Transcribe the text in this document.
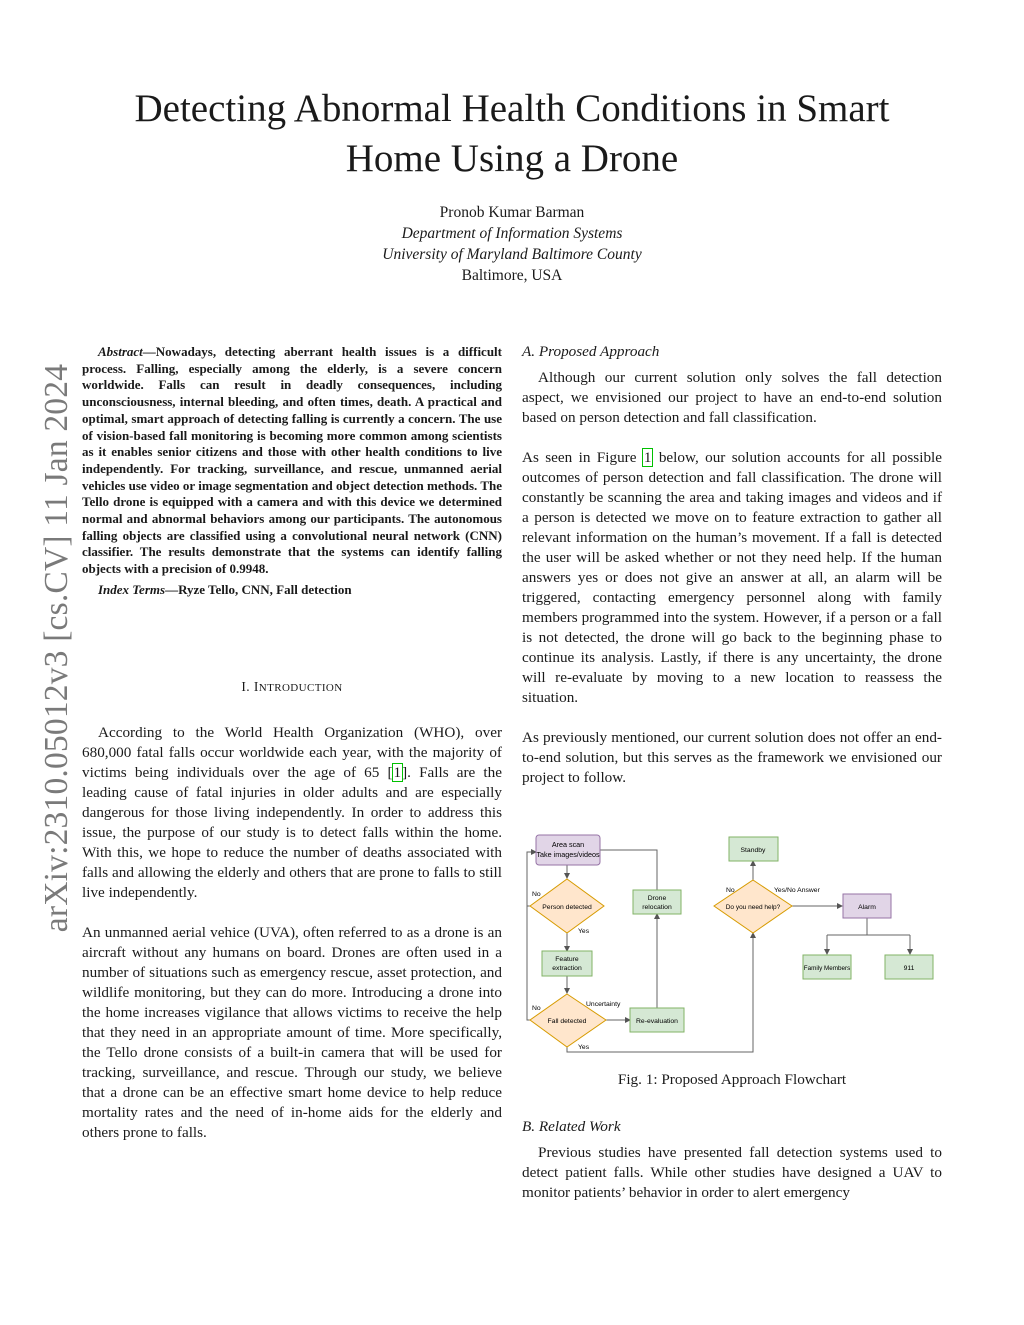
Detecting Abnormal Health Conditions in Smart
Home Using a Drone
Pronob Kumar Barman
Department of Information Systems
University of Maryland Baltimore County
Baltimore, USA
arXiv:2310.05012v3 [cs.CV] 11 Jan 2024

Abstract—Nowadays, detecting aberrant health issues is a difficult process. Falling, especially among the elderly, is a severe concern worldwide. Falls can result in deadly consequences, including unconsciousness, internal bleeding, and often times, death. A practical and optimal, smart approach of detecting falling is currently a concern. The use of vision-based fall monitoring is becoming more common among scientists as it enables senior citizens and those with other health conditions to live independently. For tracking, surveillance, and rescue, unmanned aerial vehicles use video or image segmentation and object detection methods. The Tello drone is equipped with a camera and with this device we determined normal and abnormal behaviors among our participants. The autonomous falling objects are classified using a convolutional neural network (CNN) classifier. The results demonstrate that the systems can identify falling objects with a precision of 0.9948.

Index Terms—Ryze Tello, CNN, Fall detection

I. INTRODUCTION

According to the World Health Organization (WHO), over 680,000 fatal falls occur worldwide each year, with the majority of victims being individuals over the age of 65 [1]. Falls are the leading cause of fatal injuries in older adults and are especially dangerous for those living independently. In order to address this issue, the purpose of our study is to detect falls within the home. With this, we hope to reduce the number of deaths associated with falls and allowing the elderly and others that are prone to falls to still live independently.

An unmanned aerial vehice (UVA), often referred to as a drone is an aircraft without any humans on board. Drones are often used in a number of situations such as emergency rescue, asset protection, and wildlife monitoring, but they can do more. Introducing a drone into the home increases vigilance that allows victims to receive the help that they need in an appropriate amount of time. More specifically, the Tello drone consists of a built-in camera that will be used for tracking, surveillance, and rescue. Through our study, we believe that a drone can be an effective smart home device to help reduce mortality rates and the need of in-home aids for the elderly and others prone to falls.

A. Proposed Approach

Although our current solution only solves the fall detection aspect, we envisioned our project to have an end-to-end solution based on person detection and fall classification.

As seen in Figure 1 below, our solution accounts for all possible outcomes of person detection and fall classification. The drone will constantly be scanning the area and taking images and videos and if a person is detected we move on to feature extraction to gather all relevant information on the human’s movement. If a fall is detected the user will be asked whether or not they need help. If the human answers yes or does not give an answer at all, an alarm will be triggered, contacting emergency personnel along with family members programmed into the system. However, if a person or a fall is not detected, the drone will go back to the beginning phase to continue its analysis. Lastly, if there is any uncertainty, the drone will re-evaluate by moving to a new location to reassess the situation.

As previously mentioned, our current solution does not offer an end-to-end solution, but this serves as the framework we envisioned our project to follow.

Area scan
Take images/videos
Person detected
No
Yes
Feature
extraction
Fall detected
No
Uncertainty
Yes
Drone
relocation
Re-evaluation
Standby
Do you need help?
No	Yes/No Answer
Alarm
Family Members	911
Fig. 1: Proposed Approach Flowchart
B. Related Work

Previous studies have presented fall detection systems used to detect patient falls. While other studies have designed a UAV to monitor patients’ behavior in order to alert emergency
